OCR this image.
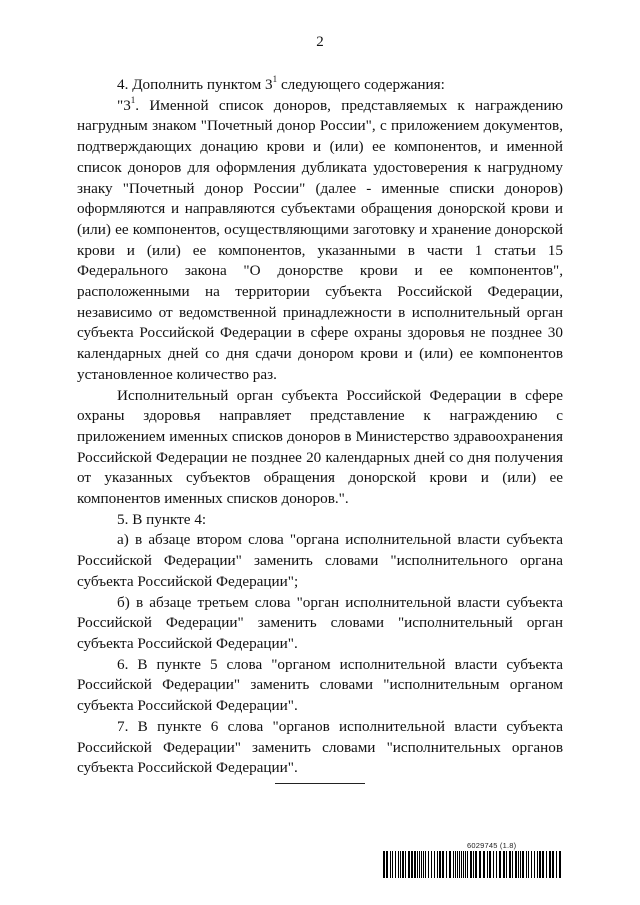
2

4. Дополнить пунктом $3^1$ следующего содержания:

"$3^1$. Именной список доноров, представляемых к награждению нагрудным знаком "Почетный донор России", с приложением документов, подтверждающих донацию крови и (или) ее компонентов, и именной список доноров для оформления дубликата удостоверения к нагрудному знаку "Почетный донор России" (далее - именные списки доноров) оформляются и направляются субъектами обращения донорской крови и (или) ее компонентов, осуществляющими заготовку и хранение донорской крови и (или) ее компонентов, указанными в части 1 статьи 15 Федерального закона "О донорстве крови и ее компонентов", расположенными на территории субъекта Российской Федерации, независимо от ведомственной принадлежности в исполнительный орган субъекта Российской Федерации в сфере охраны здоровья не позднее 30 календарных дней со дня сдачи донором крови и (или) ее компонентов установленное количество раз.

Исполнительный орган субъекта Российской Федерации в сфере охраны здоровья направляет представление к награждению с приложением именных списков доноров в Министерство здравоохранения Российской Федерации не позднее 20 календарных дней со дня получения от указанных субъектов обращения донорской крови и (или) ее компонентов именных списков доноров.".

5. В пункте 4:

а) в абзаце втором слова "органа исполнительной власти субъекта Российской Федерации" заменить словами "исполнительного органа субъекта Российской Федерации";

б) в абзаце третьем слова "орган исполнительной власти субъекта Российской Федерации" заменить словами "исполнительный орган субъекта Российской Федерации".

6. В пункте 5 слова "органом исполнительной власти субъекта Российской Федерации" заменить словами "исполнительным органом субъекта Российской Федерации".

7. В пункте 6 слова "органов исполнительной власти субъекта Российской Федерации" заменить словами "исполнительных органов субъекта Российской Федерации".

6029745 (1.8)
